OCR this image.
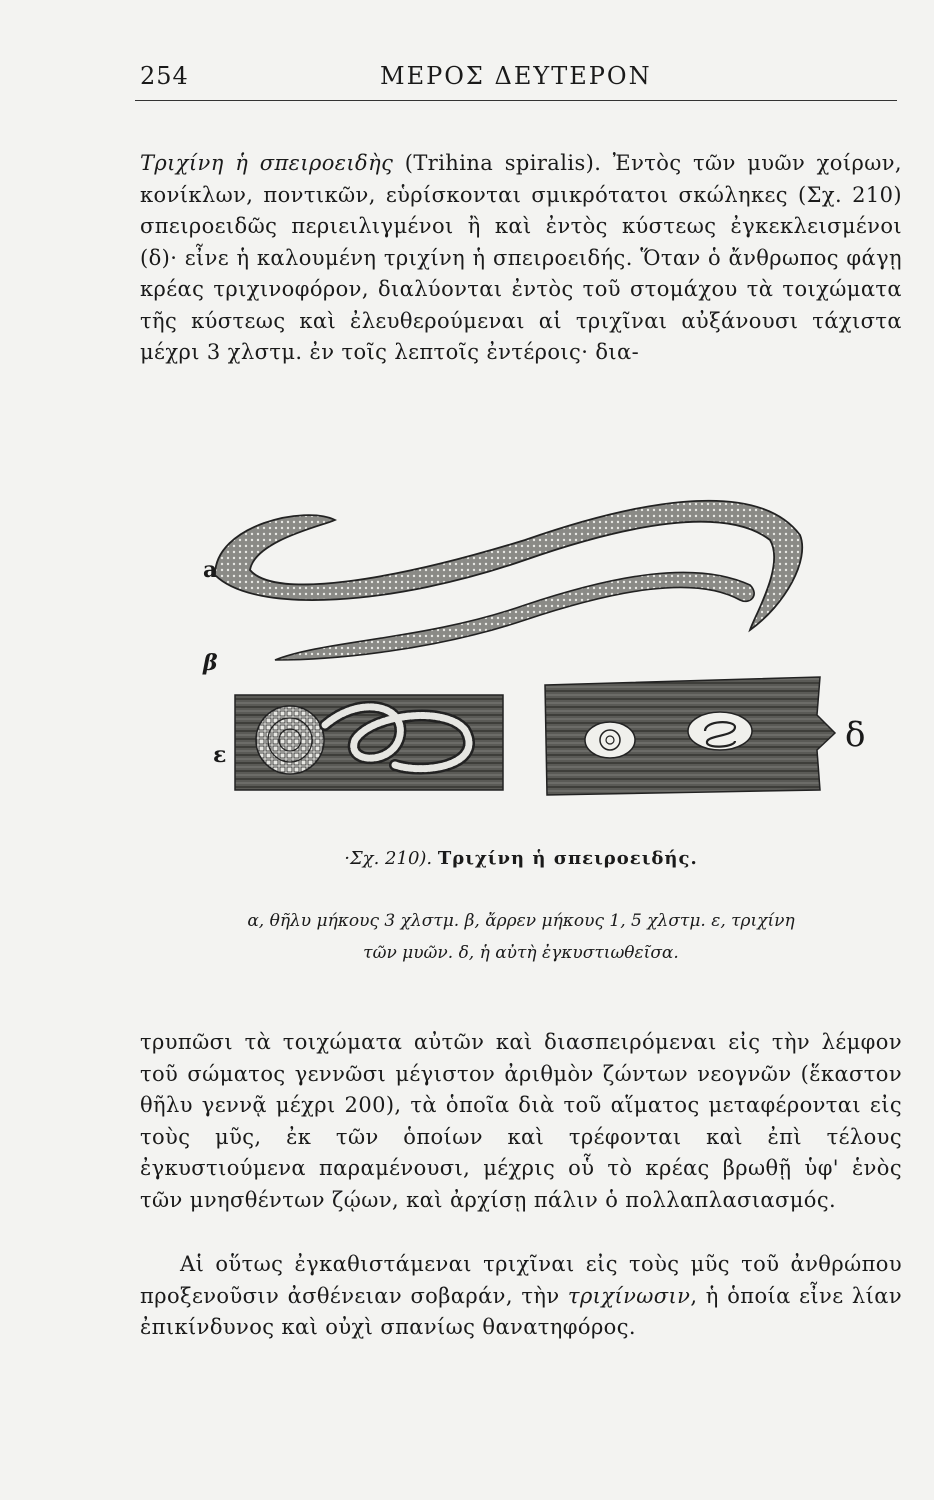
254	ΜΕΡΟΣ ΔΕΥΤΕΡΟΝ
Τριχίνη ἡ σπειροειδὴς (Trihina spiralis). Ἐντὸς τῶν μυῶν χοίρων, κονίκλων, ποντικῶν, εὑρίσκονται σμικρότατοι σκώληκες (Σχ. 210) σπειροειδῶς περιειλιγμένοι ἢ καὶ ἐντὸς κύστεως ἐγκεκλεισμένοι (δ)· εἶνε ἡ καλουμένη τριχίνη ἡ σπειροειδής. Ὅταν ὁ ἄνθρωπος φάγῃ κρέας τριχινοφόρον, διαλύονται ἐντὸς τοῦ στομάχου τὰ τοιχώματα τῆς κύστεως καὶ ἐλευθερούμεναι αἱ τριχῖναι αὐξάνουσι τάχιστα μέχρι 3 χλστμ. ἐν τοῖς λεπτοῖς ἐντέροις· δια-
a
β
ε	δ
·Σχ. 210). Τριχίνη ἡ σπειροειδής.
α, θῆλυ μήκους 3 χλστμ. β, ἄρρεν μήκους 1, 5 χλστμ. ε, τριχίνη
τῶν μυῶν. δ, ἡ αὐτὴ ἐγκυστιωθεῖσα.
τρυπῶσι τὰ τοιχώματα αὐτῶν καὶ διασπειρόμεναι εἰς τὴν λέμφον τοῦ σώματος γεννῶσι μέγιστον ἀριθμὸν ζώντων νεογνῶν (ἕκαστον θῆλυ γεννᾷ μέχρι 200), τὰ ὁποῖα διὰ τοῦ αἵματος μεταφέρονται εἰς τοὺς μῦς, ἐκ τῶν ὁποίων καὶ τρέφονται καὶ ἐπὶ τέλους ἐγκυστιούμενα παραμένουσι, μέχρις οὗ τὸ κρέας βρωθῇ ὑφ' ἑνὸς τῶν μνησθέντων ζῴων, καὶ ἀρχίσῃ πάλιν ὁ πολλαπλασιασμός.
Αἱ οὕτως ἐγκαθιστάμεναι τριχῖναι εἰς τοὺς μῦς τοῦ ἀνθρώπου προξενοῦσιν ἀσθένειαν σοβαράν, τὴν τριχίνωσιν, ἡ ὁποία εἶνε λίαν ἐπικίνδυνος καὶ οὐχὶ σπανίως θανατηφόρος.
